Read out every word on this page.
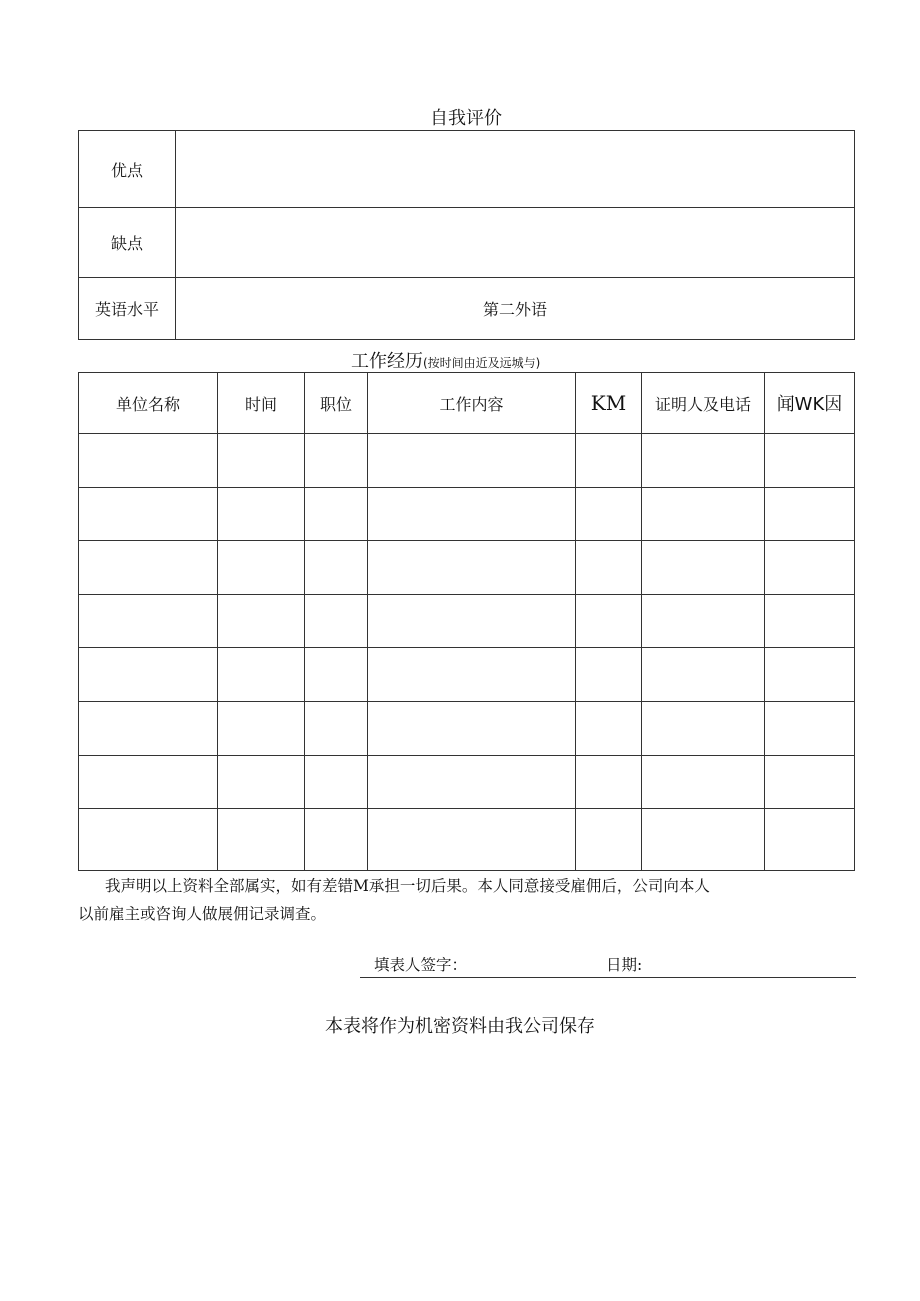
自我评价
优点	
缺点	
英语水平	第二外语
工作经历(按时间由近及远城与)
单位名称	时间	职位	工作内容	KM	证明人及电话	闻WK因

我声明以上资料全部属实，如有差错M承担一切后果。本人同意接受雇佣后，公司向本人
以前雇主或咨询人做展佣记录调查。
填表人签字：	日期:
本表将作为机密资料由我公司保存
